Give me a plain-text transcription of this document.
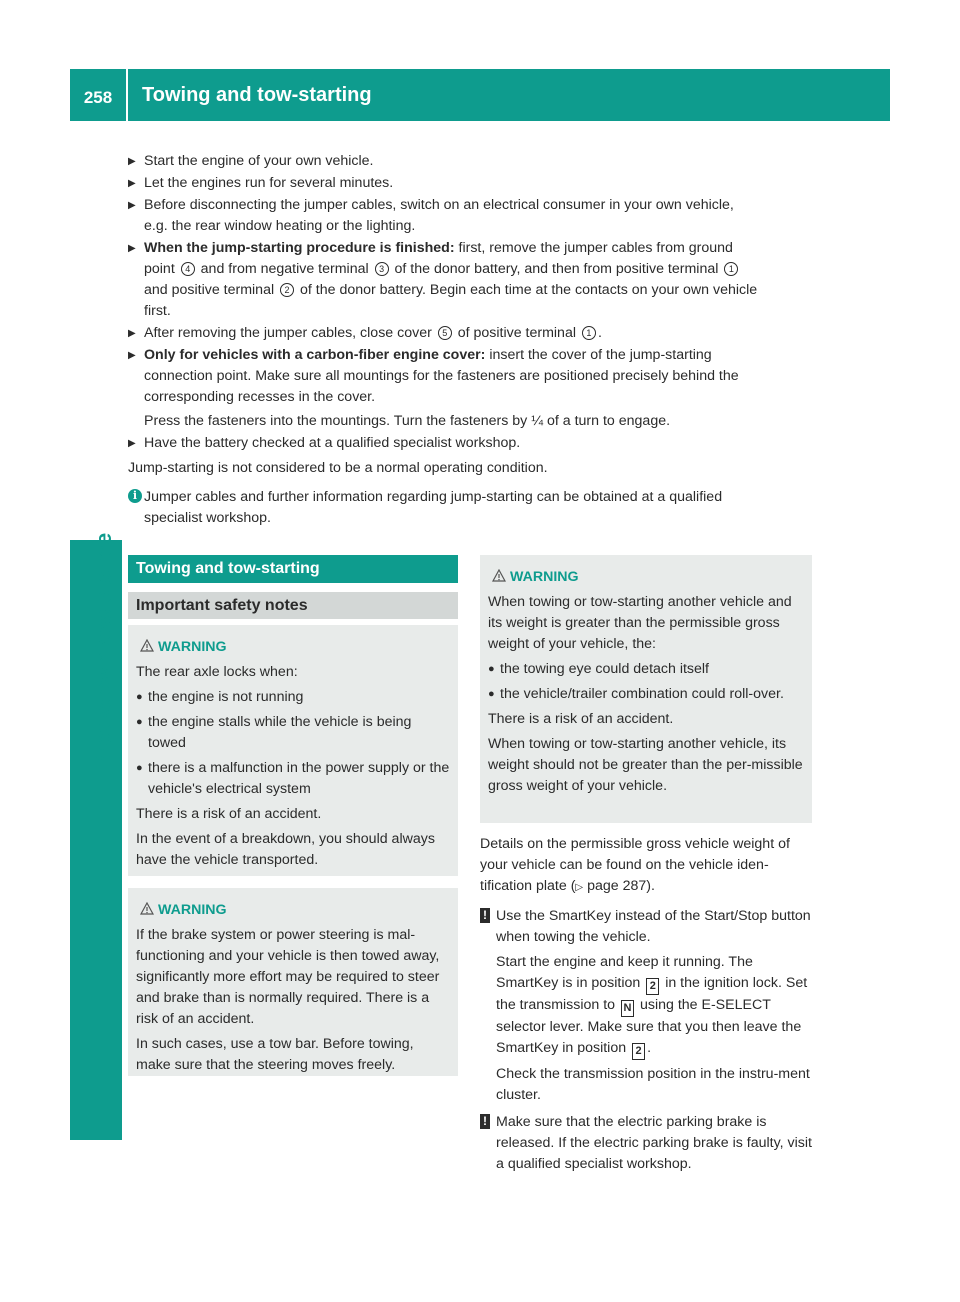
258	Towing and tow-starting
Breakdown assistance
▶ Start the engine of your own vehicle.
▶ Let the engines run for several minutes.
▶ Before disconnecting the jumper cables, switch on an electrical consumer in your own vehicle,
e.g. the rear window heating or the lighting.
▶ When the jump-starting procedure is finished: first, remove the jumper cables from ground
point 4 and from negative terminal 3 of the donor battery, and then from positive terminal 1
and positive terminal 2 of the donor battery. Begin each time at the contacts on your own vehicle
first.
▶ After removing the jumper cables, close cover 5 of positive terminal 1 .
▶ Only for vehicles with a carbon-fiber engine cover: insert the cover of the jump-starting
connection point. Make sure all mountings for the fasteners are positioned precisely behind the
corresponding recesses in the cover.
Press the fasteners into the mountings. Turn the fasteners by ¼ of a turn to engage.
▶ Have the battery checked at a qualified specialist workshop.
Jump-starting is not considered to be a normal operating condition.
i Jumper cables and further information regarding jump-starting can be obtained at a qualified
specialist workshop.
Towing and tow-starting
Important safety notes
WARNING

The rear axle locks when:

● the engine is not running
● the engine stalls while the vehicle is being towed
● there is a malfunction in the power supply or the vehicle's electrical system

There is a risk of an accident.

In the event of a breakdown, you should always have the vehicle transported.

WARNING

If the brake system or power steering is mal-functioning and your vehicle is then towed away, significantly more effort may be required to steer and brake than is normally required. There is a risk of an accident.

In such cases, use a tow bar. Before towing, make sure that the steering moves freely.

WARNING

When towing or tow-starting another vehicle and its weight is greater than the permissible gross weight of your vehicle, the:

● the towing eye could detach itself
● the vehicle/trailer combination could roll-over.

There is a risk of an accident.

When towing or tow-starting another vehicle, its weight should not be greater than the per-missible gross weight of your vehicle.

Details on the permissible gross vehicle weight of your vehicle can be found on the vehicle iden-tification plate (▷ page 287).

! Use the SmartKey instead of the Start/Stop button when towing the vehicle.

Start the engine and keep it running. The SmartKey is in position 2 in the ignition lock. Set the transmission to N using the E-SELECT selector lever. Make sure that you then leave the SmartKey in position 2 .

Check the transmission position in the instru-ment cluster.

! Make sure that the electric parking brake is released. If the electric parking brake is faulty, visit a qualified specialist workshop.
